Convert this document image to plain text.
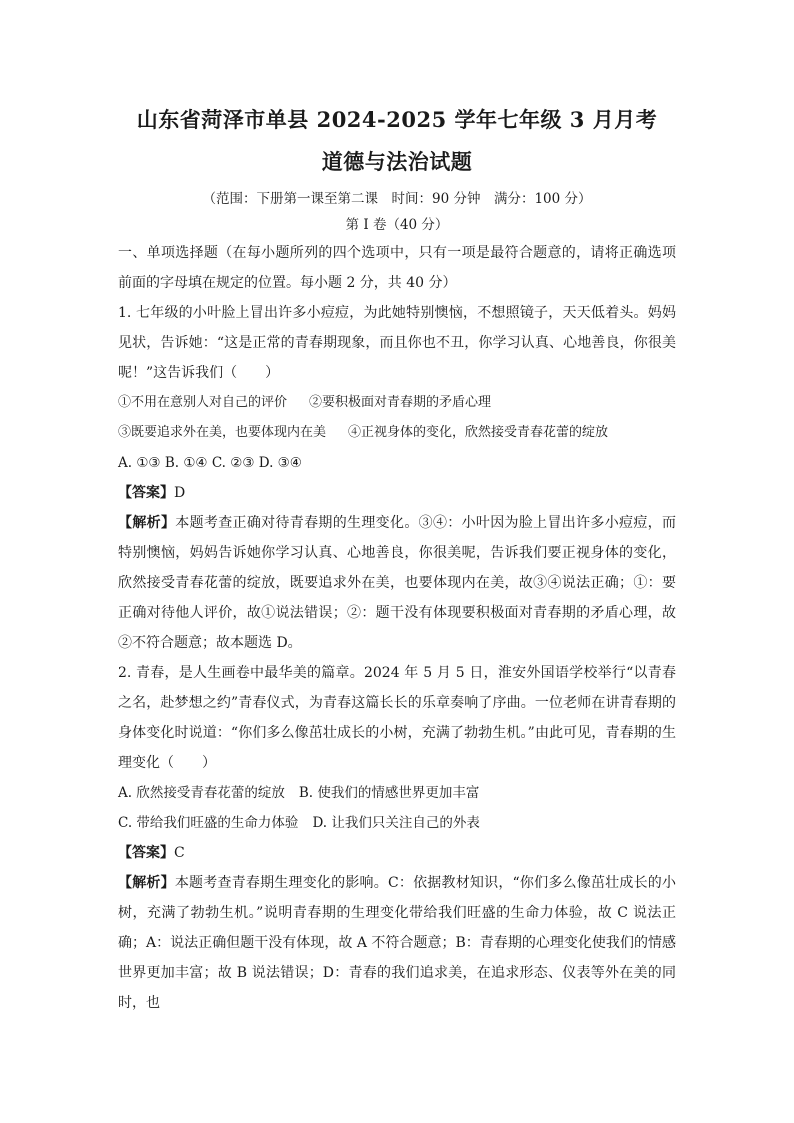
山东省菏泽市单县 2024-2025 学年七年级 3 月月考
道德与法治试题
（范围：下册第一课至第二课　时间：90 分钟　满分：100 分）
第 I 卷（40 分）

一、单项选择题（在每小题所列的四个选项中，只有一项是最符合题意的，请将正确选项前面的字母填在规定的位置。每小题 2 分，共 40 分）

1. 七年级的小叶脸上冒出许多小痘痘，为此她特别懊恼，不想照镜子，天天低着头。妈妈见状，告诉她：“这是正常的青春期现象，而且你也不丑，你学习认真、心地善良，你很美呢！”这告诉我们（　　）

①不用在意别人对自己的评价 ②要积极面对青春期的矛盾心理

③既要追求外在美，也要体现内在美 ④正视身体的变化，欣然接受青春花蕾的绽放

A. ①③ B. ①④ C. ②③ D. ③④

【答案】D

【解析】本题考查正确对待青春期的生理变化。③④：小叶因为脸上冒出许多小痘痘，而特别懊恼，妈妈告诉她你学习认真、心地善良，你很美呢，告诉我们要正视身体的变化，欣然接受青春花蕾的绽放，既要追求外在美，也要体现内在美，故③④说法正确；①：要正确对待他人评价，故①说法错误；②：题干没有体现要积极面对青春期的矛盾心理，故②不符合题意；故本题选 D。

2. 青春，是人生画卷中最华美的篇章。2024 年 5 月 5 日，淮安外国语学校举行“以青春之名，赴梦想之约”青春仪式，为青春这篇长长的乐章奏响了序曲。一位老师在讲青春期的身体变化时说道：“你们多么像茁壮成长的小树，充满了勃勃生机。”由此可见，青春期的生理变化（　　）

A. 欣然接受青春花蕾的绽放 B. 使我们的情感世界更加丰富

C. 带给我们旺盛的生命力体验 D. 让我们只关注自己的外表

【答案】C

【解析】本题考查青春期生理变化的影响。C：依据教材知识，“你们多么像茁壮成长的小树，充满了勃勃生机。”说明青春期的生理变化带给我们旺盛的生命力体验，故 C 说法正确；A：说法正确但题干没有体现，故 A 不符合题意；B：青春期的心理变化使我们的情感世界更加丰富；故 B 说法错误；D：青春的我们追求美，在追求形态、仪表等外在美的同时，也
